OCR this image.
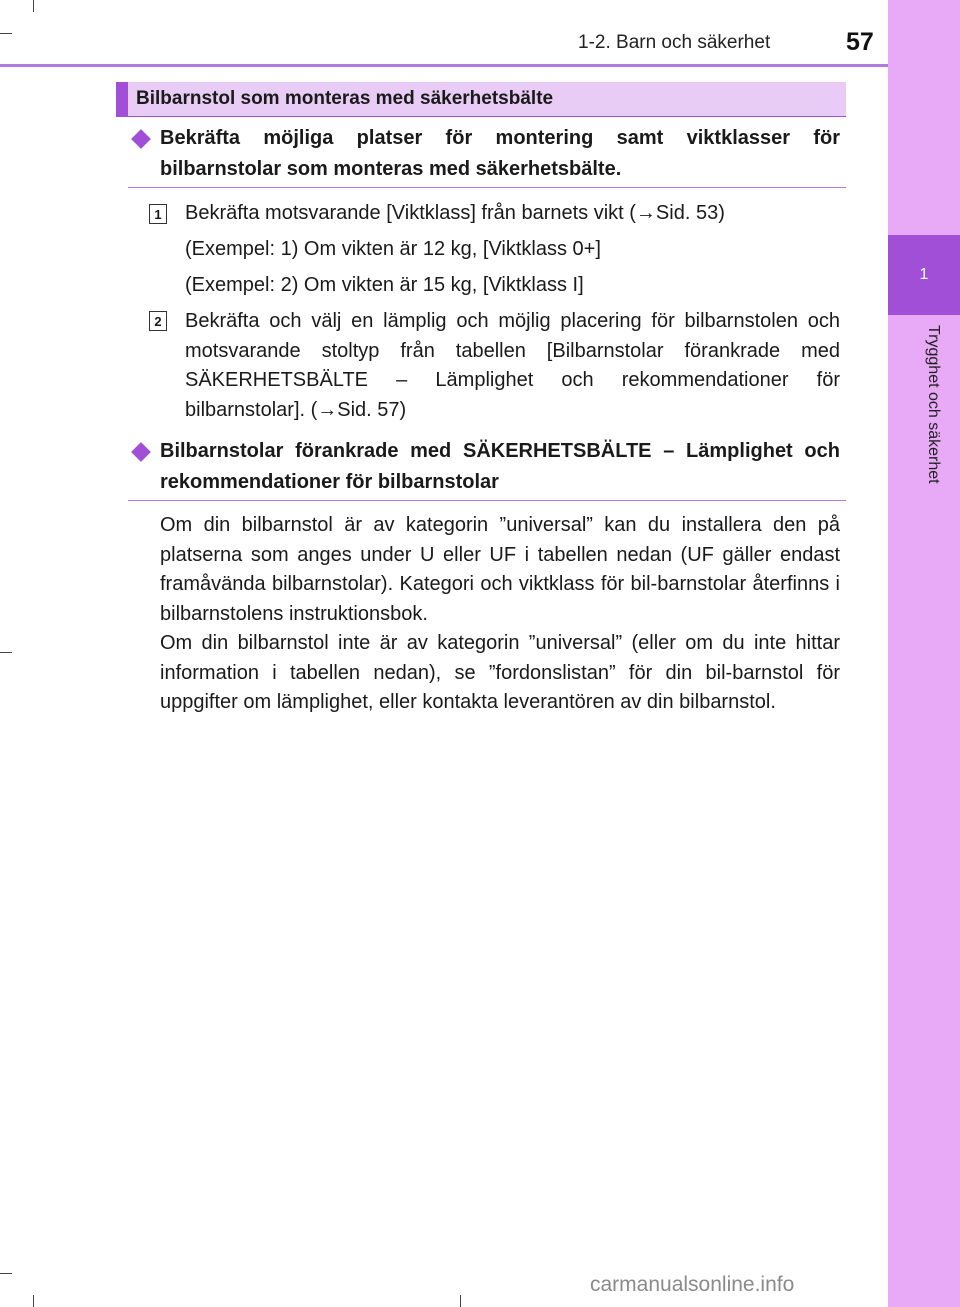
1-2. Barn och säkerhet	57
1
Trygghet och säkerhet
Bilbarnstol som monteras med säkerhetsbälte
Bekräfta möjliga platser för montering samt viktklasser för bilbarnstolar som monteras med säkerhetsbälte.
1 Bekräfta motsvarande [Viktklass] från barnets vikt (→Sid. 53)
(Exempel: 1) Om vikten är 12 kg, [Viktklass 0+]
(Exempel: 2) Om vikten är 15 kg, [Viktklass I]
2 Bekräfta och välj en lämplig och möjlig placering för bilbarnstolen och motsvarande stoltyp från tabellen [Bilbarnstolar förankrade med SÄKERHETSBÄLTE – Lämplighet och rekommendationer för bilbarnstolar]. (→Sid. 57)
Bilbarnstolar förankrade med SÄKERHETSBÄLTE – Lämplighet och rekommendationer för bilbarnstolar
Om din bilbarnstol är av kategorin ”universal” kan du installera den på platserna som anges under U eller UF i tabellen nedan (UF gäller endast framåvända bilbarnstolar). Kategori och viktklass för bil-barnstolar återfinns i bilbarnstolens instruktionsbok.
Om din bilbarnstol inte är av kategorin ”universal” (eller om du inte hittar information i tabellen nedan), se ”fordonslistan” för din bil-barnstol för uppgifter om lämplighet, eller kontakta leverantören av din bilbarnstol.
carmanualsonline.info
